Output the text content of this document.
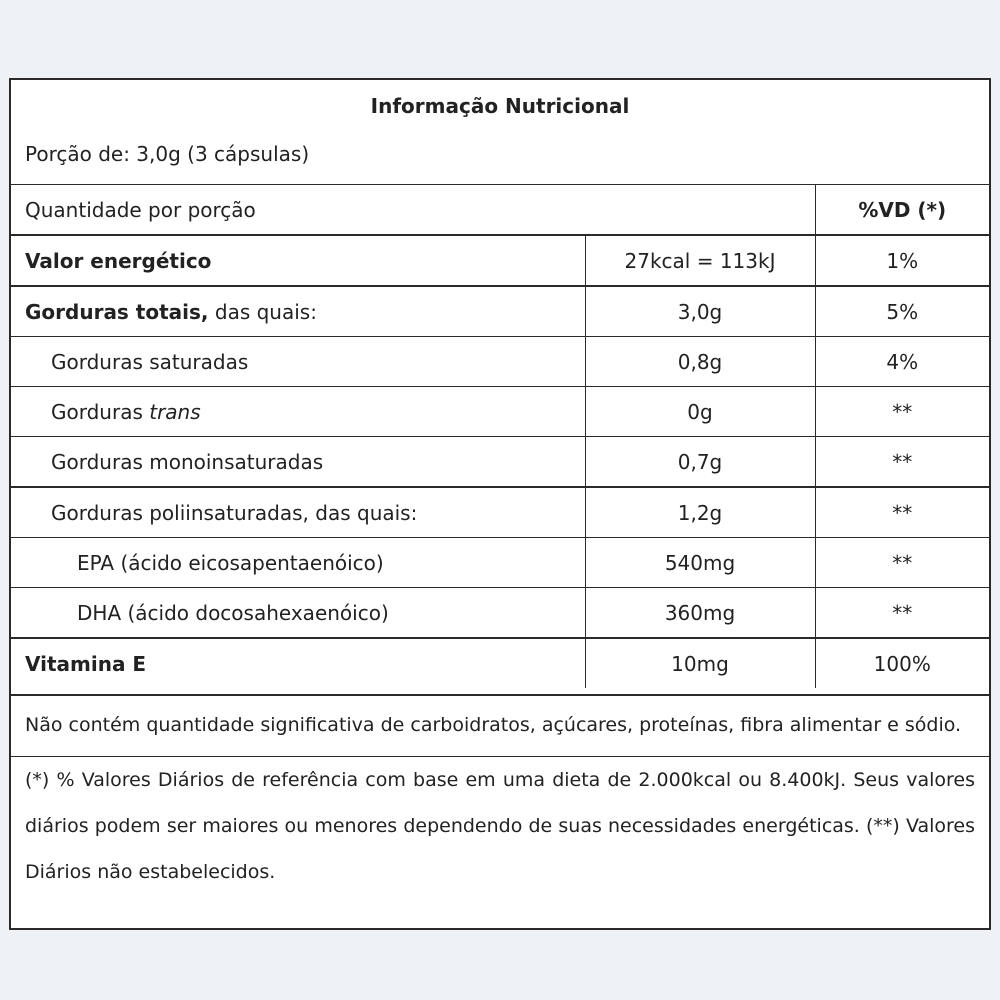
Informação Nutricional
Porção de: 3,0g (3 cápsulas)
Quantidade por porção		%VD (*)
Valor energético	27kcal = 113kJ	1%
Gorduras totais, das quais:	3,0g	5%
Gorduras saturadas	0,8g	4%
Gorduras trans	0g	**
Gorduras monoinsaturadas	0,7g	**
Gorduras poliinsaturadas, das quais:	1,2g	**
EPA (ácido eicosapentaenóico)	540mg	**
DHA (ácido docosahexaenóico)	360mg	**
Vitamina E	10mg	100%
Não contém quantidade significativa de carboidratos, açúcares, proteínas, fibra alimentar e sódio.
(*) % Valores Diários de referência com base em uma dieta de 2.000kcal ou 8.400kJ. Seus valores diários podem ser maiores ou menores dependendo de suas necessidades energéticas. (**) Valores Diários não estabelecidos.
